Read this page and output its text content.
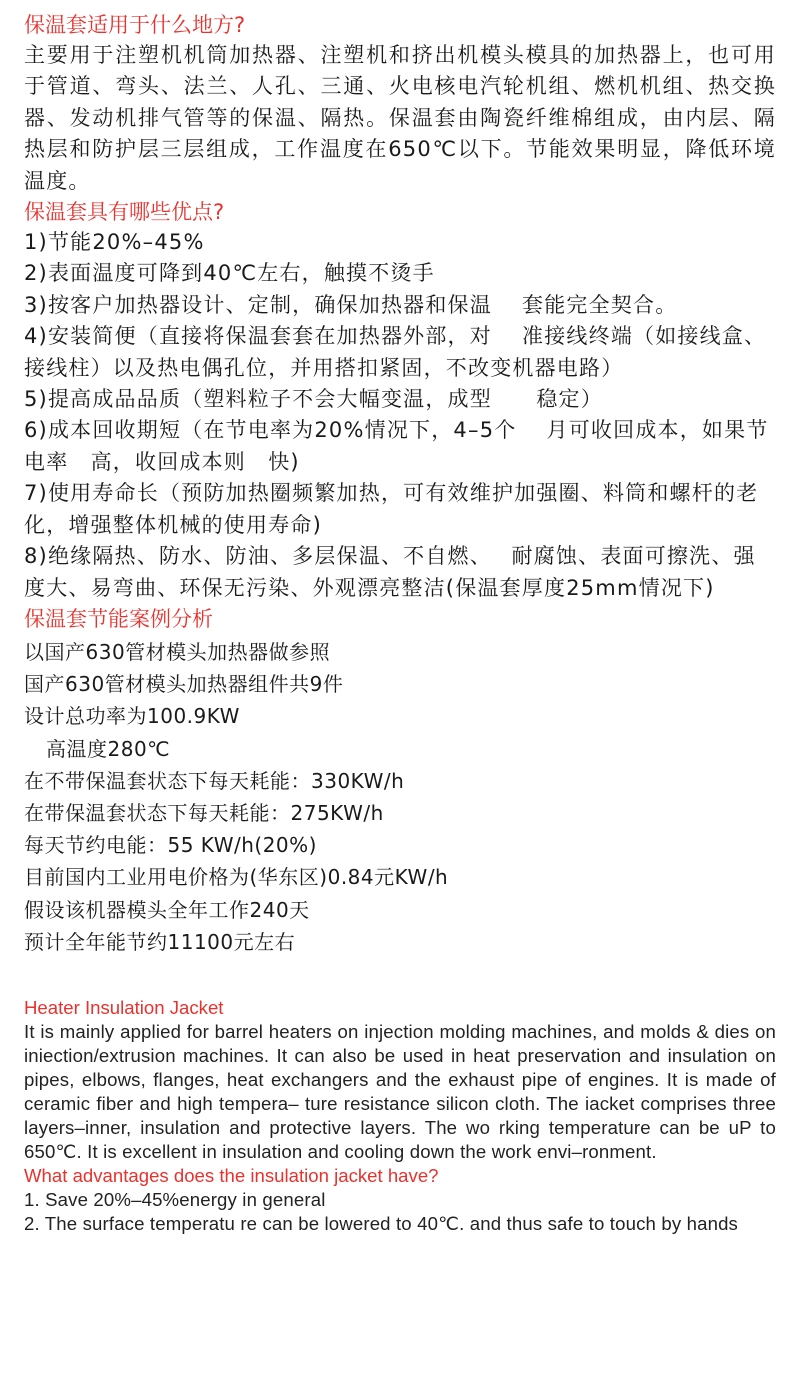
保温套适用于什么地方?

主要用于注塑机机筒加热器、注塑机和挤出机模头模具的加热器上，也可用于管道、弯头、法兰、人孔、三通、火电核电汽轮机组、燃机机组、热交换器、发动机排气管等的保温、隔热。保温套由陶瓷纤维棉组成，由内层、隔热层和防护层三层组成，工作温度在650℃以下。节能效果明显，降低环境温度。

保温套具有哪些优点?
1)节能20%–45%
2)表面温度可降到40℃左右，触摸不烫手
3)按客户加热器设计、定制，确保加热器和保温　 套能完全契合。
4)安装简便（直接将保温套套在加热器外部，对　 准接线终端（如接线盒、接线柱）以及热电偶孔位，并用搭扣紧固，不改变机器电路）
5)提高成品品质（塑料粒子不会大幅变温，成型　　稳定）
6)成本回收期短（在节电率为20%情况下，4–5个　 月可收回成本，如果节电率　高，收回成本则　快)
7)使用寿命长（预防加热圈频繁加热，可有效维护加强圈、料筒和螺杆的老化，增强整体机械的使用寿命)
8)绝缘隔热、防水、防油、多层保温、不自燃、　 耐腐蚀、表面可擦洗、强度大、易弯曲、环保无污染、外观漂亮整洁(保温套厚度25mm情况下)
保温套节能案例分析
以国产630管材模头加热器做参照
国产630管材模头加热器组件共9件
设计总功率为100.9KW
高温度280℃
在不带保温套状态下每天耗能：330KW/h
在带保温套状态下每天耗能：275KW/h
每天节约电能：55 KW/h(20%)
目前国内工业用电价格为(华东区)0.84元KW/h
假设该机器模头全年工作240天
预计全年能节约11100元左右
Heater Insulation Jacket

It is mainly applied for barrel heaters on injection molding machines, and molds & dies on iniection/extrusion machines. It can also be used in heat preservation and insulation on pipes, elbows, flanges, heat exchangers and the exhaust pipe of engines. It is made of ceramic fiber and high tempera– ture resistance silicon cloth. The iacket comprises three layers–inner, insulation and protective layers. The wo rking temperature can be uP to 650℃. It is excellent in insulation and cooling down the work envi–ronment.

What advantages does the insulation jacket have?
1. Save 20%–45%energy in general
2. The surface temperatu re can be lowered to 40℃. and thus safe to touch by hands
